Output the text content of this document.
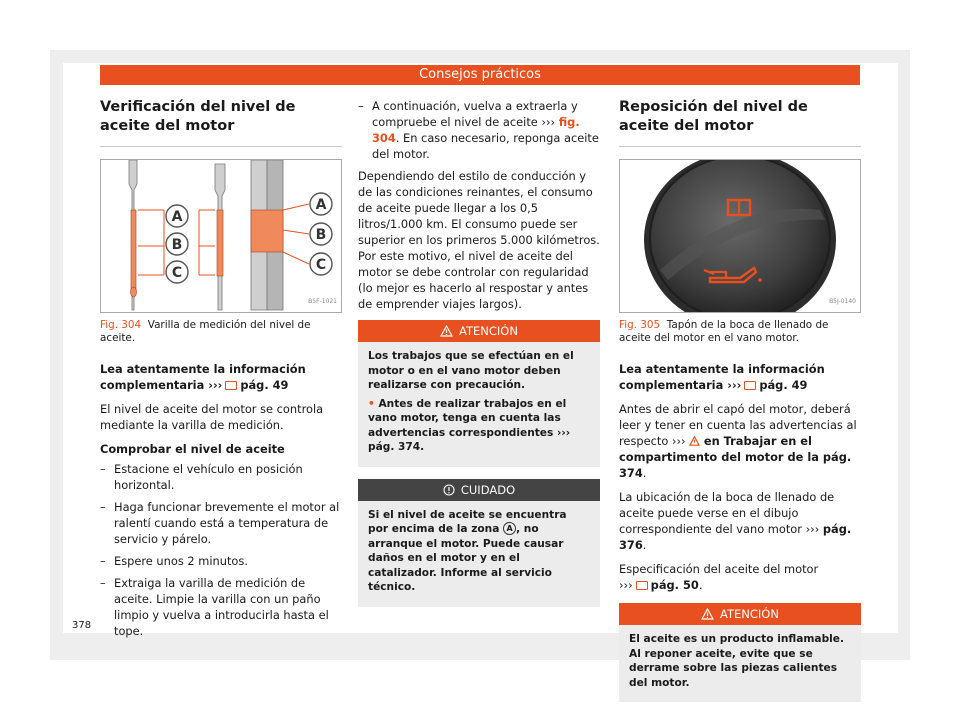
Consejos prácticos
Verificación del nivel de aceite del motor
A
B
C
A
B
C
B5F-1021
Fig. 304 Varilla de medición del nivel de aceite.

Lea atentamente la información complementaria ››› pág. 49

El nivel de aceite del motor se controla mediante la varilla de medición.

Comprobar el nivel de aceite

– Estacione el vehículo en posición horizontal.
– Haga funcionar brevemente el motor al ralentí cuando está a temperatura de servicio y párelo.
– Espere unos 2 minutos.
– Extraiga la varilla de medición de aceite. Limpie la varilla con un paño limpio y vuelva a introducirla hasta el tope.
– A continuación, vuelva a extraerla y compruebe el nivel de aceite ››› fig. 304. En caso necesario, reponga aceite del motor.

Dependiendo del estilo de conducción y de las condiciones reinantes, el consumo de aceite puede llegar a los 0,5 litros/1.000 km. El consumo puede ser superior en los primeros 5.000 kilómetros. Por este motivo, el nivel de aceite del motor se debe controlar con regularidad (lo mejor es hacerlo al respostar y antes de emprender viajes largos).

ATENCIÓN

Los trabajos que se efectúan en el motor o en el vano motor deben realizarse con precaución.

• Antes de realizar trabajos en el vano motor, tenga en cuenta las advertencias correspondientes ››› pág. 374.

CUIDADO

Si el nivel de aceite se encuentra por encima de la zona A , no arranque el motor. Puede causar daños en el motor y en el catalizador. Informe al servicio técnico.

Reposición del nivel de aceite del motor
B5J-0140
Fig. 305 Tapón de la boca de llenado de aceite del motor en el vano motor.

Lea atentamente la información complementaria ››› pág. 49

Antes de abrir el capó del motor, deberá leer y tener en cuenta las advertencias al respecto ›››  en Trabajar en el compartimento del motor de la pág. 374.

La ubicación de la boca de llenado de aceite puede verse en el dibujo correspondiente del vano motor ››› pág. 376.

Especificación del aceite del motor
››› pág. 50.

ATENCIÓN

El aceite es un producto inflamable. Al reponer aceite, evite que se derrame sobre las piezas calientes del motor.

378
